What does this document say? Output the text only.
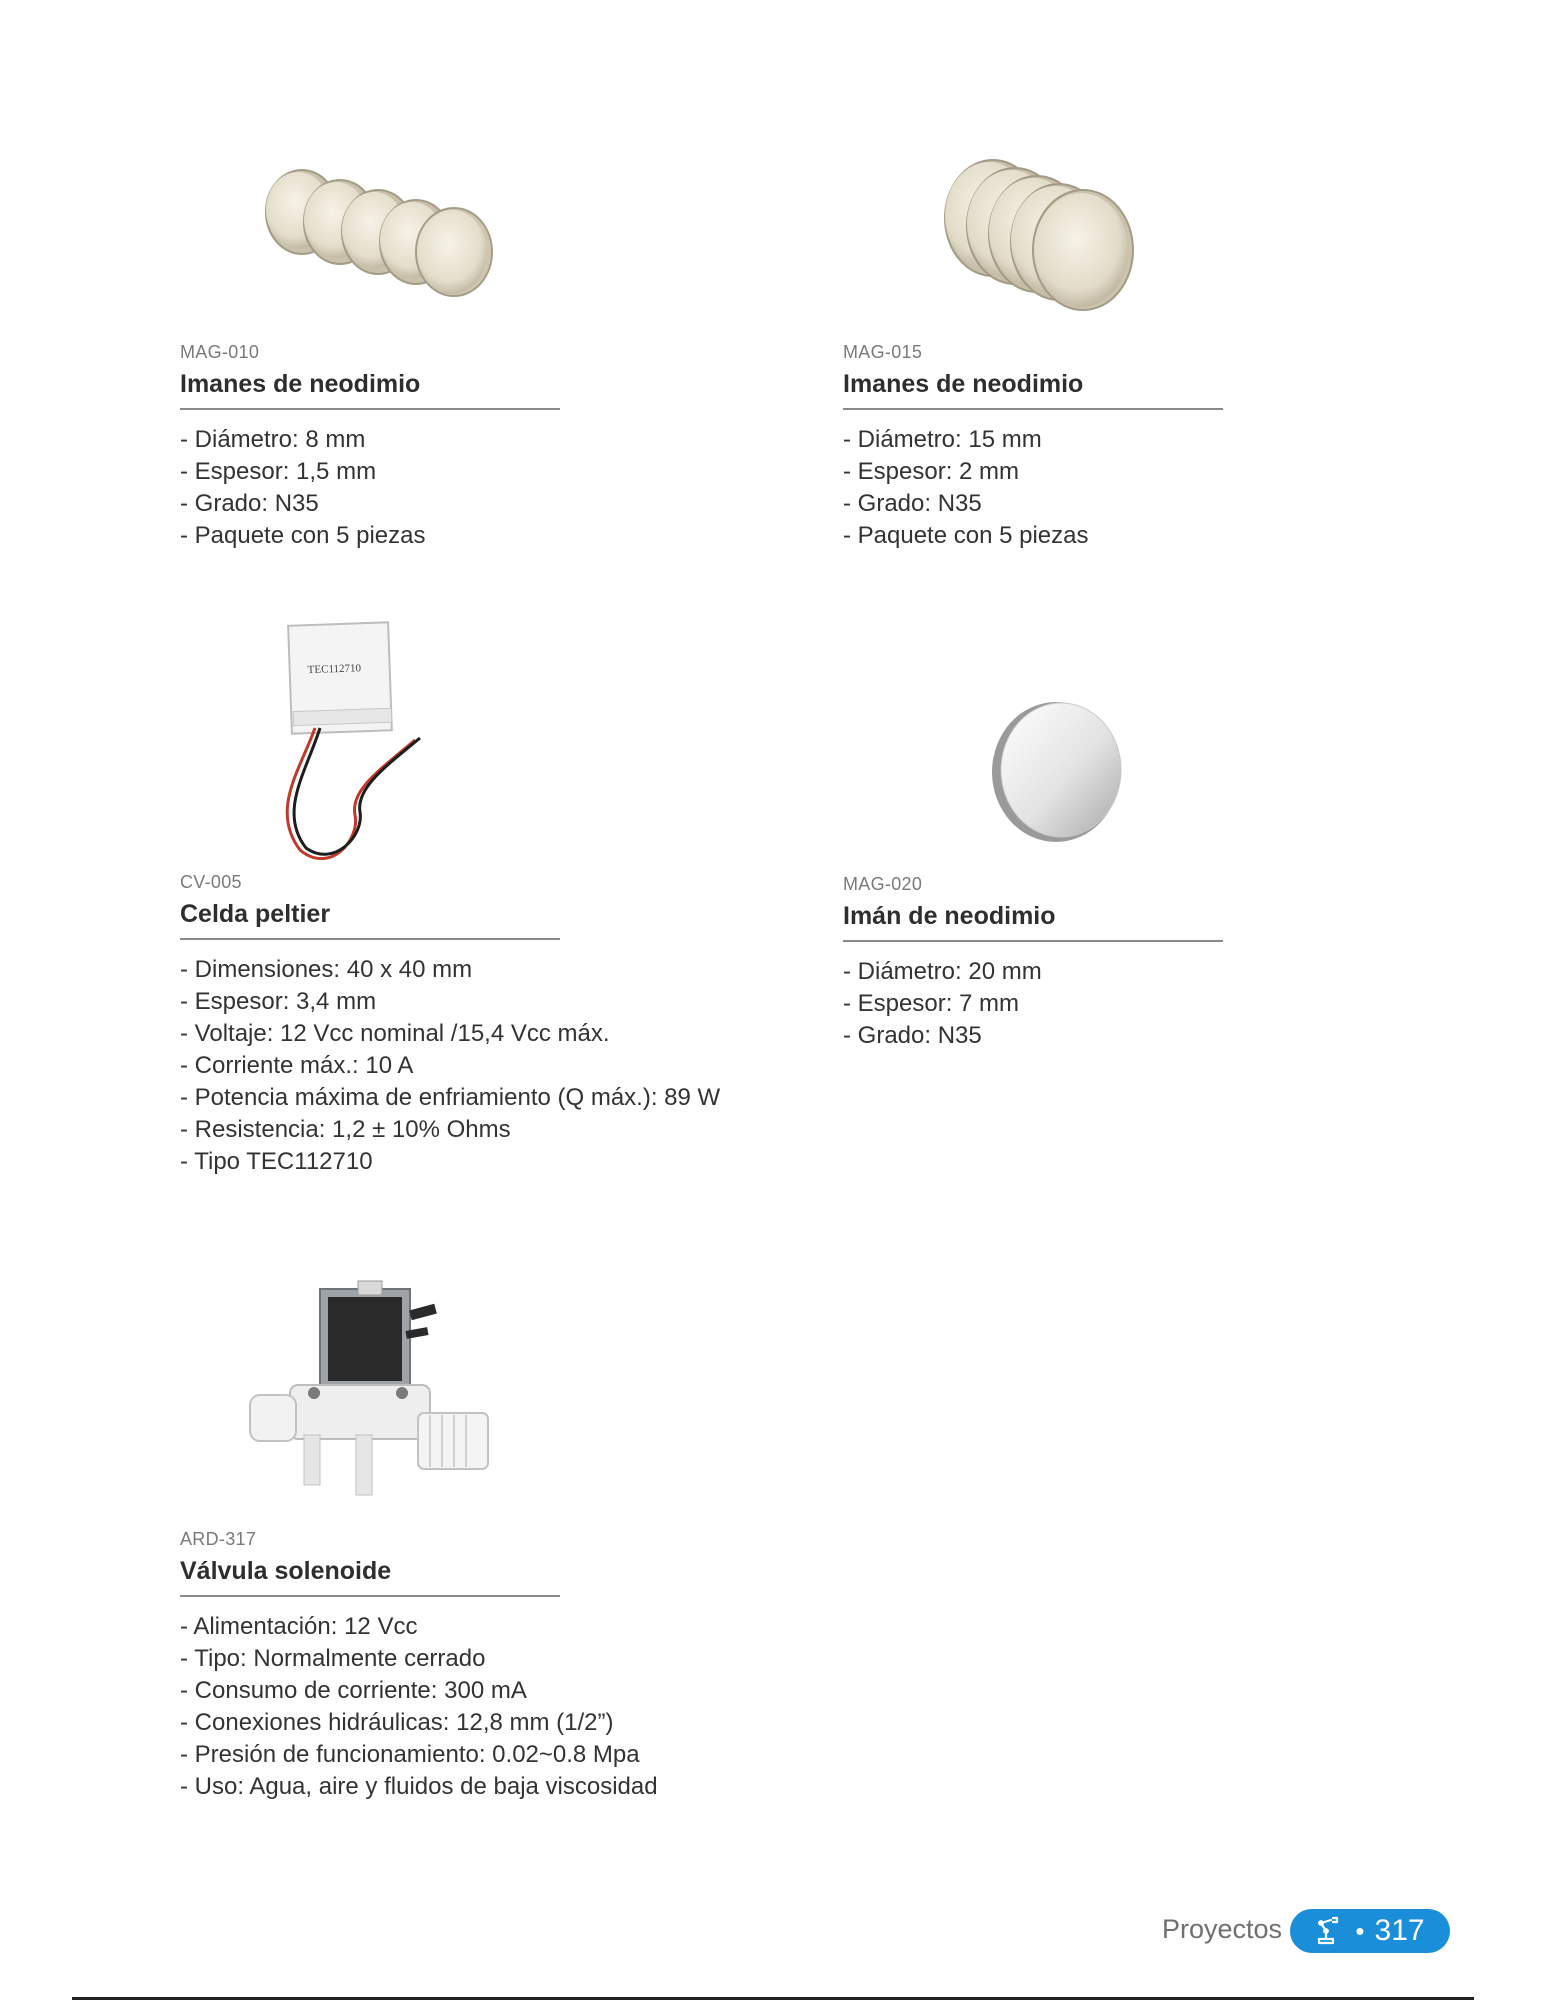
MAG-010

Imanes de neodimio

- Diámetro: 8 mm
- Espesor: 1,5 mm
- Grado: N35
- Paquete con 5 piezas

MAG-015

Imanes de neodimio

- Diámetro: 15 mm
- Espesor: 2 mm
- Grado: N35
- Paquete con 5 piezas
TEC112710

CV-005

Celda peltier

- Dimensiones: 40 x 40 mm
- Espesor: 3,4 mm
- Voltaje: 12 Vcc nominal /15,4 Vcc máx.
- Corriente máx.: 10 A
- Potencia máxima de enfriamiento (Q máx.): 89 W
- Resistencia: 1,2 ± 10% Ohms
- Tipo TEC112710

MAG-020

Imán de neodimio

- Diámetro: 20 mm
- Espesor: 7 mm
- Grado: N35

ARD-317

Válvula solenoide

- Alimentación: 12 Vcc
- Tipo: Normalmente cerrado
- Consumo de corriente: 300 mA
- Conexiones hidráulicas: 12,8 mm (1/2”)
- Presión de funcionamiento: 0.02~0.8 Mpa
- Uso: Agua, aire y fluidos de baja viscosidad
Proyectos	• 317
